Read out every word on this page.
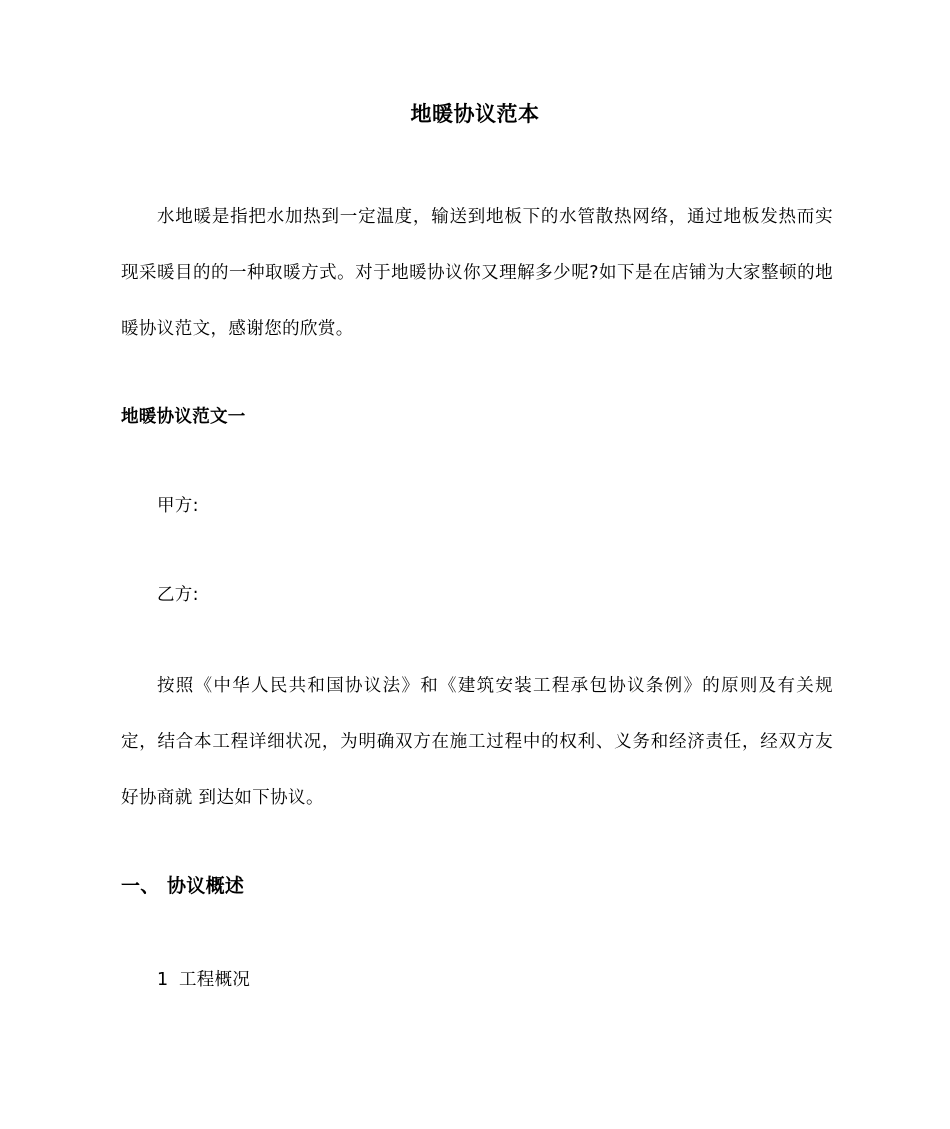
地暖协议范本
水地暖是指把水加热到一定温度，输送到地板下的水管散热网络，通过地板发热而实现采暖目的的一种取暖方式。对于地暖协议你又理解多少呢?如下是在店铺为大家整顿的地暖协议范文，感谢您的欣赏。
地暖协议范文一
甲方:
乙方:
按照《中华人民共和国协议法》和《建筑安装工程承包协议条例》的原则及有关规定，结合本工程详细状况，为明确双方在施工过程中的权利、义务和经济责任，经双方友好协商就 到达如下协议。
一、 协议概述
1 工程概况
